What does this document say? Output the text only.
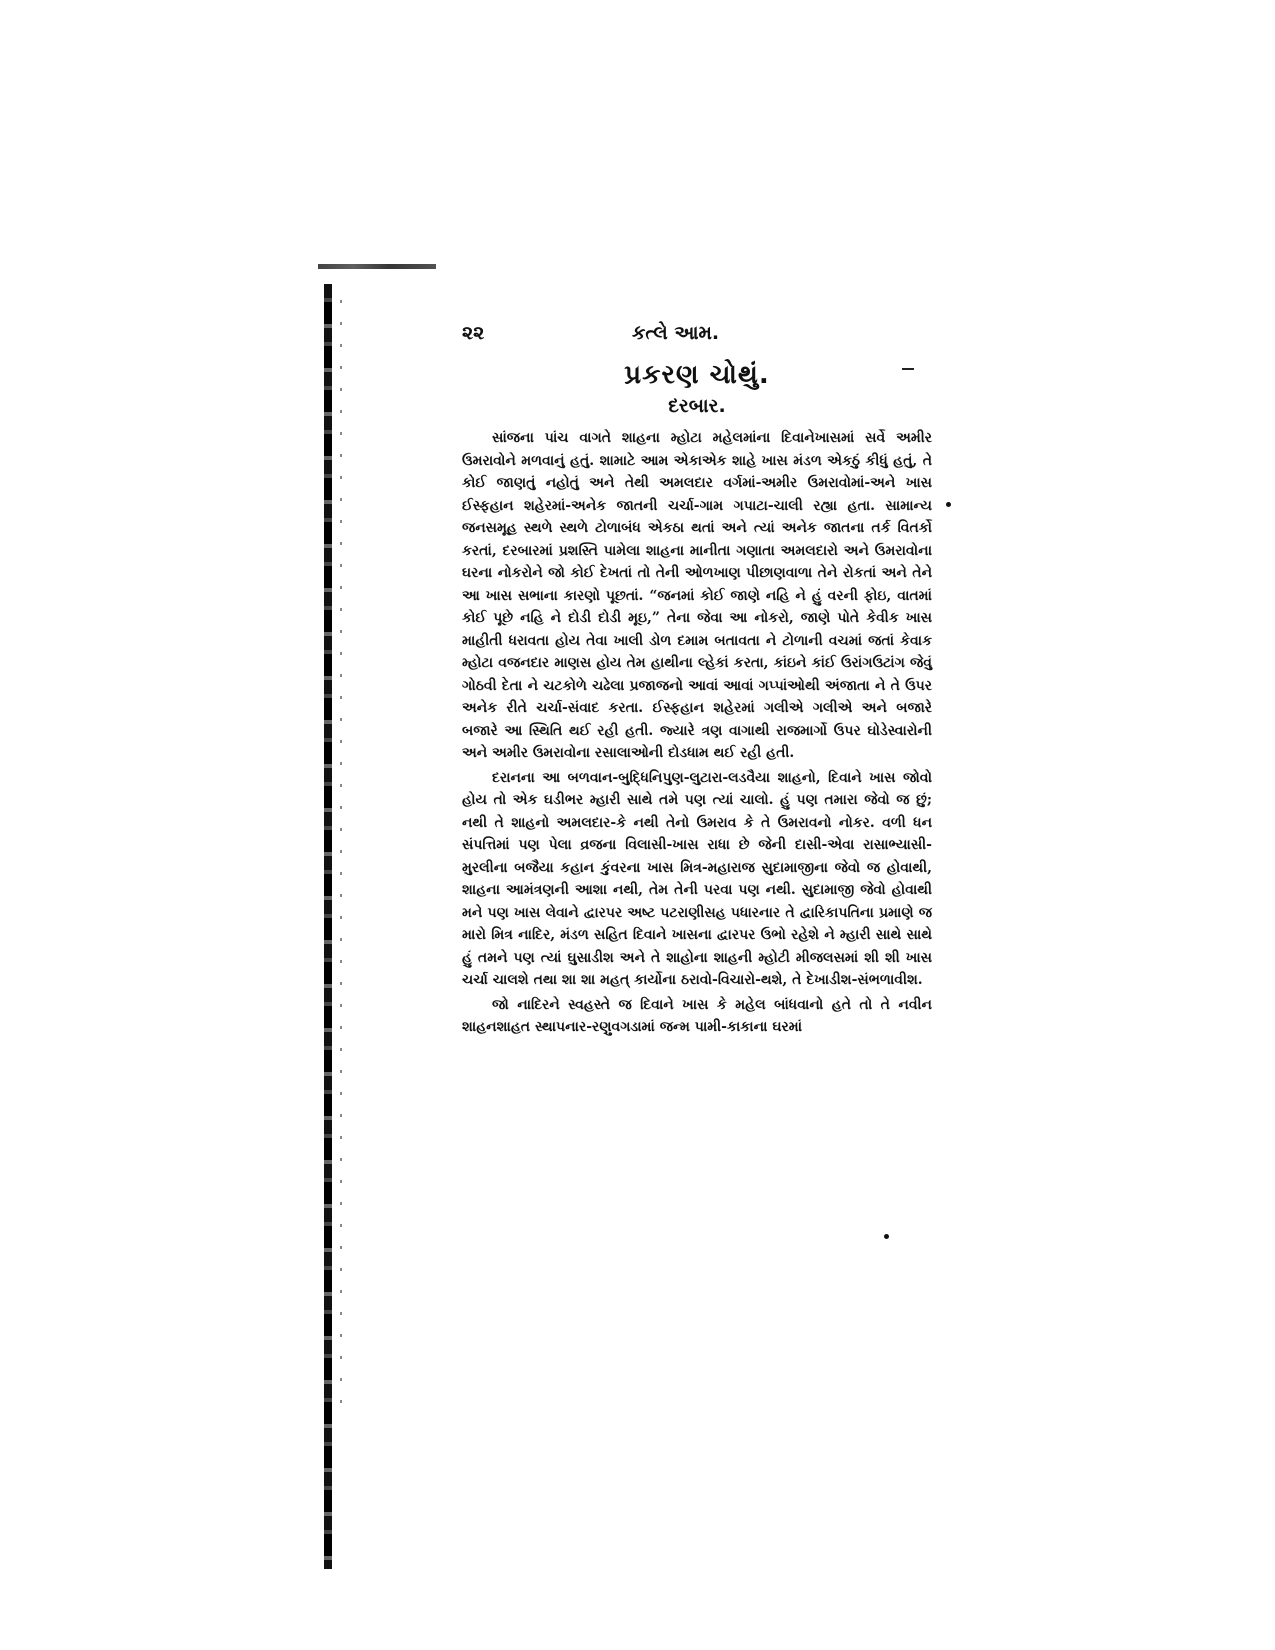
૨૨	કત્લે આમ.
પ્રકરણ ચોથું.
દરબાર.

સાંજના પાંચ વાગતે શાહના મ્હોટા મહેલમાંના દિવાનેખાસમાં સર્વે અમીર ઉમરાવોને મળવાનું હતું. શામાટે આમ એકાએક શાહે ખાસ મંડળ એકઠું કીધું હતું, તે કોઈ જાણતું નહોતું અને તેથી અમલદાર વર્ગમાં-અમીર ઉમરાવોમાં-અને ખાસ ઈસ્ફહાન શહેરમાં-અનેક જાતની ચર્ચા-ગામ ગપાટા-ચાલી રહ્યા હતા. સામાન્ય જનસમૂહ સ્થળે સ્થળે ટોળાબંધ એકઠા થતાં અને ત્યાં અનેક જાતના તર્ક વિતર્કો કરતાં, દરબારમાં પ્રશસ્તિ પામેલા શાહના માનીતા ગણાતા અમલદારો અને ઉમરાવોના ઘરના નોકરોને જો કોઈ દેખતાં તો તેની ઓળખાણ પીછાણવાળા તેને રોકતાં અને તેને આ ખાસ સભાના કારણો પૂછતાં. “જનમાં કોઈ જાણે નહિ ને હું વરની ફોઇ, વાતમાં કોઈ પૂછે નહિ ને દોડી દોડી મૂઇ,” તેના જેવા આ નોકરો, જાણે પોતે કેવીક ખાસ માહીતી ધરાવતા હોય તેવા ખાલી ડોળ દમામ બતાવતા ને ટોળાની વચમાં જતાં કેવાક મ્હોટા વજનદાર માણસ હોય તેમ હાથીના લ્હેકાં કરતા, કાંઇને કાંઈ ઉરાંગઉટાંગ જેવું ગોઠવી દેતા ને ચટકોળે ચઢેલા પ્રજાજનો આવાં આવાં ગપ્પાંઓથી અંજાતા ને તે ઉપર અનેક રીતે ચર્ચા-સંવાદ કરતા. ઈસ્ફહાન શહેરમાં ગલીએ ગલીએ અને બજારે બજારે આ સ્થિતિ થઈ રહી હતી. જ્યારે ત્રણ વાગાથી રાજમાર્ગો ઉપર ઘોડેસ્વારોની અને અમીર ઉમરાવોના રસાલાઓની દોડધામ થઈ રહી હતી.

દરાનના આ બળવાન-બુદ્ધિનિપુણ-લુટારા-લડવૈયા શાહનો, દિવાને ખાસ જોવો હોય તો એક ઘડીભર મ્હારી સાથે તમે પણ ત્યાં ચાલો. હું પણ તમારા જેવો જ છું; નથી તે શાહનો અમલદાર-કે નથી તેનો ઉમરાવ કે તે ઉમરાવનો નોકર. વળી ધન સંપત્તિમાં પણ પેલા વ્રજના વિલાસી-ખાસ રાધા છે જેની દાસી-એવા રાસાભ્યાસી-મુરલીના બજૈયા કહાન કુંવરના ખાસ મિત્ર-મહારાજ સુદામાજીના જેવો જ હોવાથી, શાહના આમંત્રણની આશા નથી, તેમ તેની પરવા પણ નથી. સુદામાજી જેવો હોવાથી મને પણ ખાસ લેવાને દ્વારપર અષ્ટ પટરાણીસહ પધારનાર તે દ્વારિકાપતિના પ્રમાણે જ મારો મિત્ર નાદિર, મંડળ સહિત દિવાને ખાસના દ્વારપર ઉભો રહેશે ને મ્હારી સાથે સાથે હું તમને પણ ત્યાં ઘુસાડીશ અને તે શાહોના શાહની મ્હોટી મીજલસમાં શી શી ખાસ ચર્ચા ચાલશે તથા શા શા મહત્ કાર્યોના ઠરાવો-વિચારો-થશે, તે દેખાડીશ-સંભળાવીશ.

જો નાદિરને સ્વહસ્તે જ દિવાને ખાસ કે મહેલ બાંધવાનો હતે તો તે નવીન શાહનશાહત સ્થાપનાર-રણુવગડામાં જન્મ પામી-કાકાના ઘરમાં
